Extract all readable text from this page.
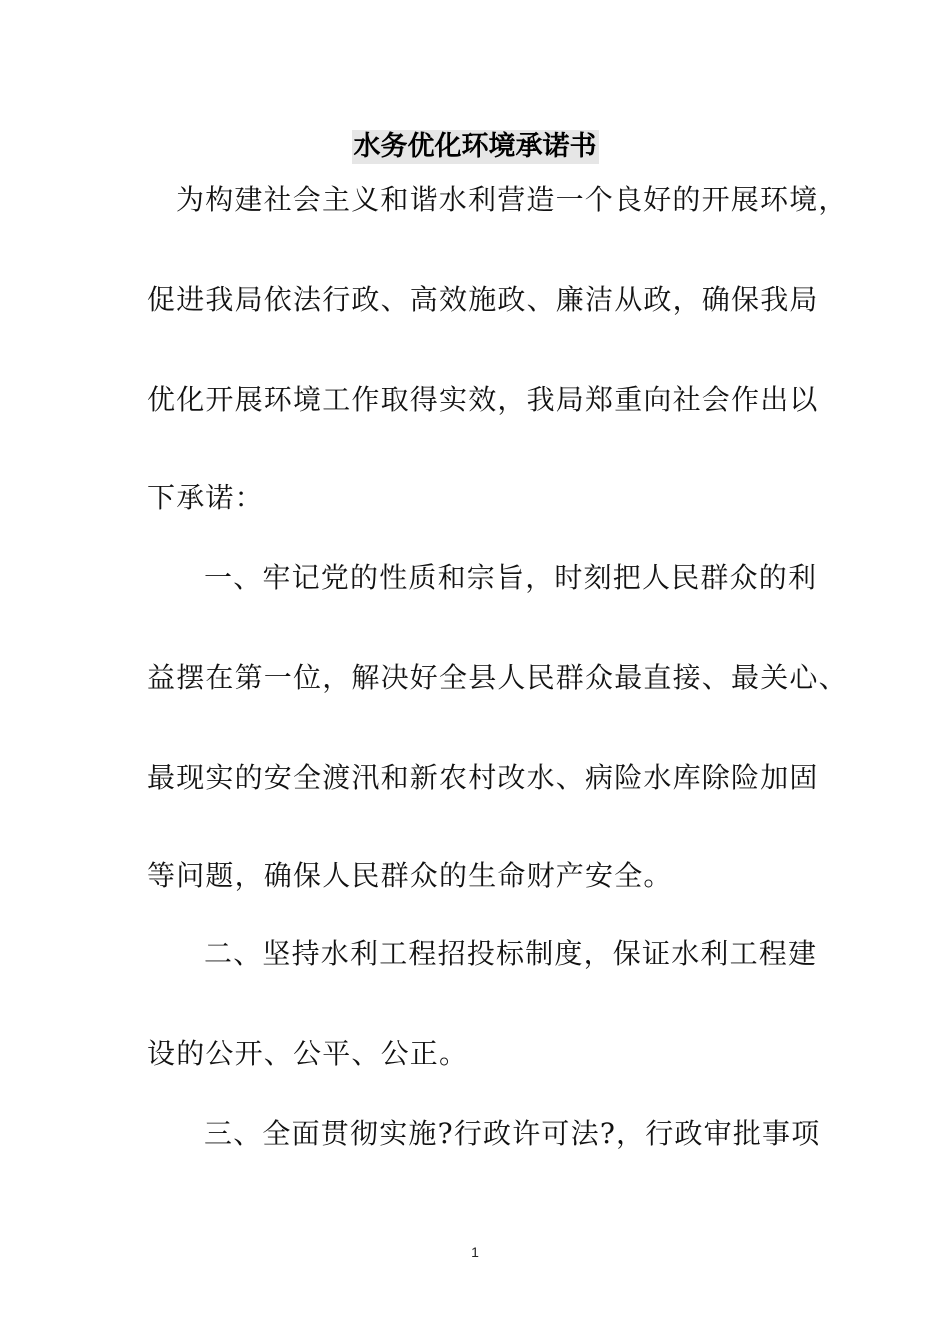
水务优化环境承诺书
为构建社会主义和谐水利营造一个良好的开展环境，
促进我局依法行政、高效施政、廉洁从政，确保我局
优化开展环境工作取得实效，我局郑重向社会作出以
下承诺：
一、牢记党的性质和宗旨，时刻把人民群众的利
益摆在第一位，解决好全县人民群众最直接、最关心、
最现实的安全渡汛和新农村改水、病险水库除险加固
等问题，确保人民群众的生命财产安全。
二、坚持水利工程招投标制度，保证水利工程建
设的公开、公平、公正。
三、全面贯彻实施?行政许可法?，行政审批事项
1
